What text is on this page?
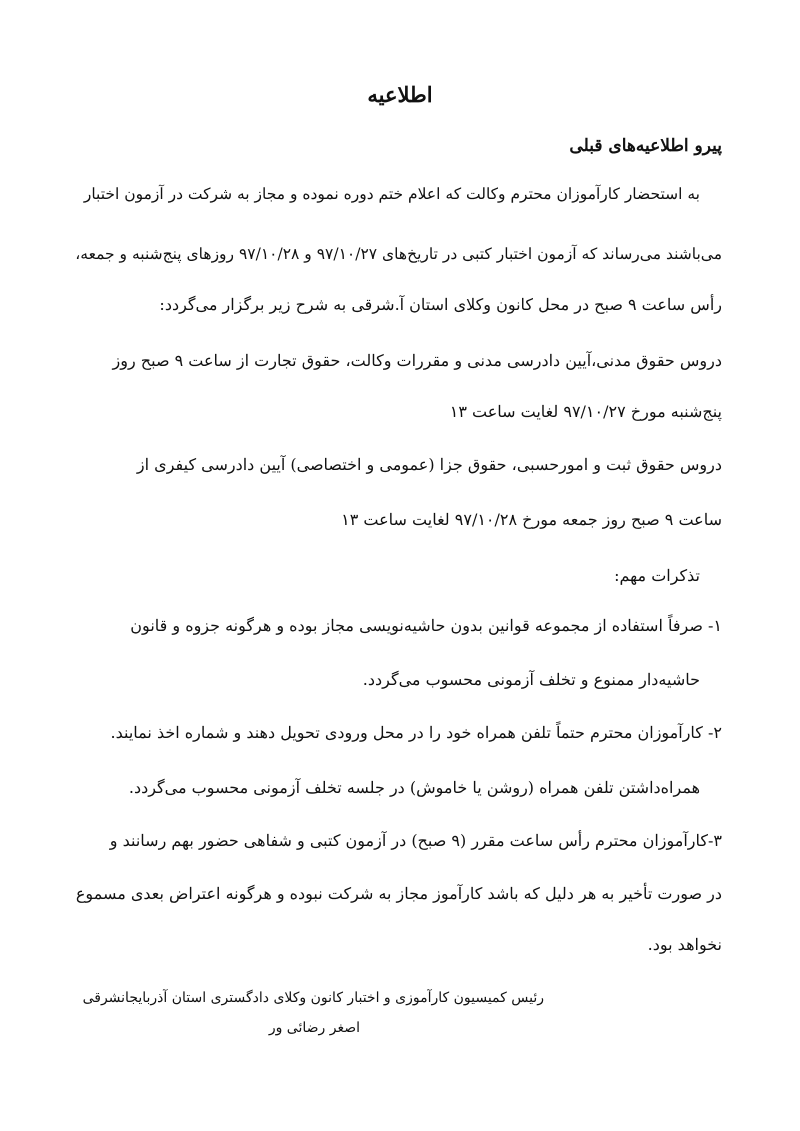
اطلاعیه
پیرو اطلاعیه‌های قبلی
به استحضار کارآموزان محترم وکالت که اعلام ختم دوره نموده و مجاز به شرکت در آزمون اختبار
می‌باشند می‌رساند که آزمون اختبار کتبی در تاریخ‌های ۹۷/۱۰/۲۷ و ۹۷/۱۰/۲۸ روزهای پنج‌شنبه و جمعه،
رأس ساعت ۹ صبح در محل کانون وکلای استان آ.شرقی به شرح زیر برگزار می‌گردد:
دروس حقوق مدنی،آیین دادرسی مدنی و مقررات وکالت، حقوق تجارت از ساعت ۹ صبح روز
پنج‌شنبه مورخ ۹۷/۱۰/۲۷ لغایت ساعت ۱۳
دروس حقوق ثبت و امورحسبی، حقوق جزا (عمومی و اختصاصی) آیین دادرسی کیفری از
ساعت ۹ صبح روز جمعه مورخ ۹۷/۱۰/۲۸ لغایت ساعت ۱۳
تذکرات مهم:
۱- صرفاً استفاده از مجموعه قوانین بدون حاشیه‌نویسی مجاز بوده و هرگونه جزوه و قانون
حاشیه‌دار ممنوع و تخلف آزمونی محسوب می‌گردد.
۲- کارآموزان محترم حتماً تلفن همراه خود را در محل ورودی تحویل دهند و شماره اخذ نمایند.
همراه‌داشتن تلفن همراه (روشن یا خاموش) در جلسه تخلف آزمونی محسوب می‌گردد.
۳-کارآموزان محترم رأس ساعت مقرر (۹ صبح) در آزمون کتبی و شفاهی حضور بهم رسانند و
در صورت تأخیر به هر دلیل که باشد کارآموز مجاز به شرکت نبوده و هرگونه اعتراض بعدی مسموع
نخواهد بود.
رئیس کمیسیون کارآموزی و اختبار کانون وکلای دادگستری استان آذربایجانشرقی
اصغر رضائی ور
